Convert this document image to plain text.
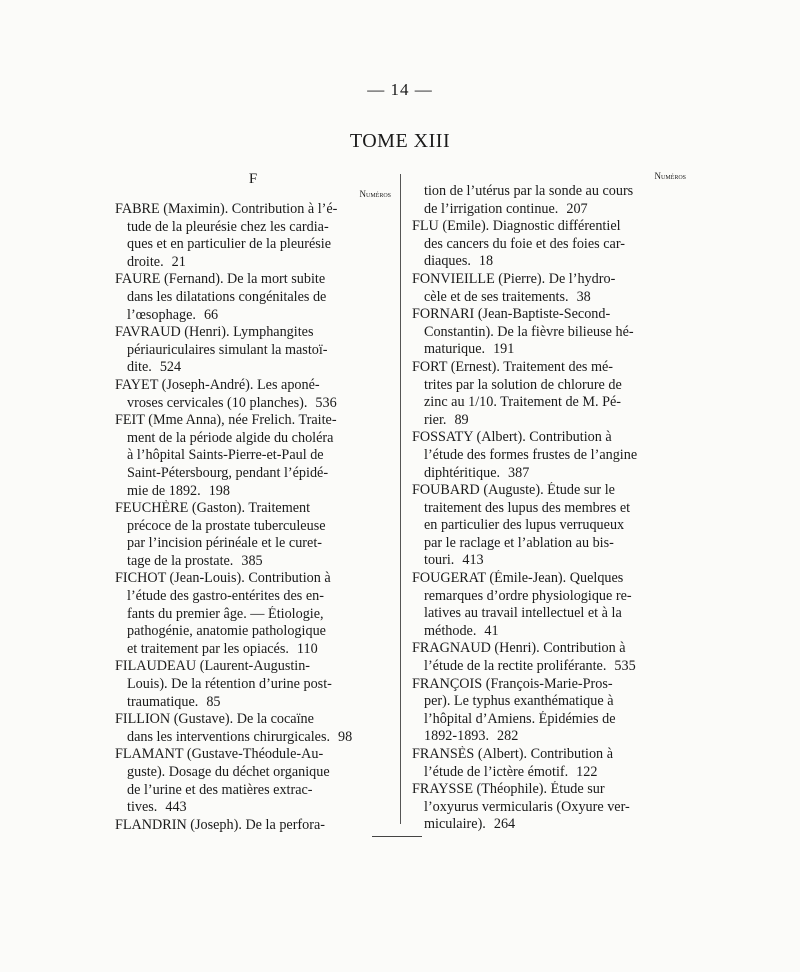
— 14 —
TOME XIII
F
Numéros
FABRE (Maximin). Contribution à l’é-
tude de la pleurésie chez les cardia-
ques et en particulier de la pleurésie
droite. 21
FAURE (Fernand). De la mort subite
dans les dilatations congénitales de
l’œsophage. 66
FAVRAUD (Henri). Lymphangites
périauriculaires simulant la mastoï-
dite. 524
FAYET (Joseph-André). Les aponé-
vroses cervicales (10 planches). 536
FEIT (Mme Anna), née Frelich. Traite-
ment de la période algide du choléra
à l’hôpital Saints-Pierre-et-Paul de
Saint-Pétersbourg, pendant l’épidé-
mie de 1892. 198
FEUCHÈRE (Gaston). Traitement
précoce de la prostate tuberculeuse
par l’incision périnéale et le curet-
tage de la prostate. 385
FICHOT (Jean-Louis). Contribution à
l’étude des gastro-entérites des en-
fants du premier âge. — Étiologie,
pathogénie, anatomie pathologique
et traitement par les opiacés. 110
FILAUDEAU (Laurent-Augustin-
Louis). De la rétention d’urine post-
traumatique. 85
FILLION (Gustave). De la cocaïne
dans les interventions chirurgicales. 98
FLAMANT (Gustave-Théodule-Au-
guste). Dosage du déchet organique
de l’urine et des matières extrac-
tives. 443
FLANDRIN (Joseph). De la perfora-
Numéros
tion de l’utérus par la sonde au cours
de l’irrigation continue. 207
FLU (Emile). Diagnostic différentiel
des cancers du foie et des foies car-
diaques. 18
FONVIEILLE (Pierre). De l’hydro-
cèle et de ses traitements. 38
FORNARI (Jean-Baptiste-Second-
Constantin). De la fièvre bilieuse hé-
maturique. 191
FORT (Ernest). Traitement des mé-
trites par la solution de chlorure de
zinc au 1/10. Traitement de M. Pé-
rier. 89
FOSSATY (Albert). Contribution à
l’étude des formes frustes de l’angine
diphtéritique. 387
FOUBARD (Auguste). Étude sur le
traitement des lupus des membres et
en particulier des lupus verruqueux
par le raclage et l’ablation au bis-
touri. 413
FOUGERAT (Émile-Jean). Quelques
remarques d’ordre physiologique re-
latives au travail intellectuel et à la
méthode. 41
FRAGNAUD (Henri). Contribution à
l’étude de la rectite proliférante. 535
FRANÇOIS (François-Marie-Pros-
per). Le typhus exanthématique à
l’hôpital d’Amiens. Épidémies de
1892-1893. 282
FRANSÈS (Albert). Contribution à
l’étude de l’ictère émotif. 122
FRAYSSE (Théophile). Étude sur
l’oxyurus vermicularis (Oxyure ver-
miculaire). 264
